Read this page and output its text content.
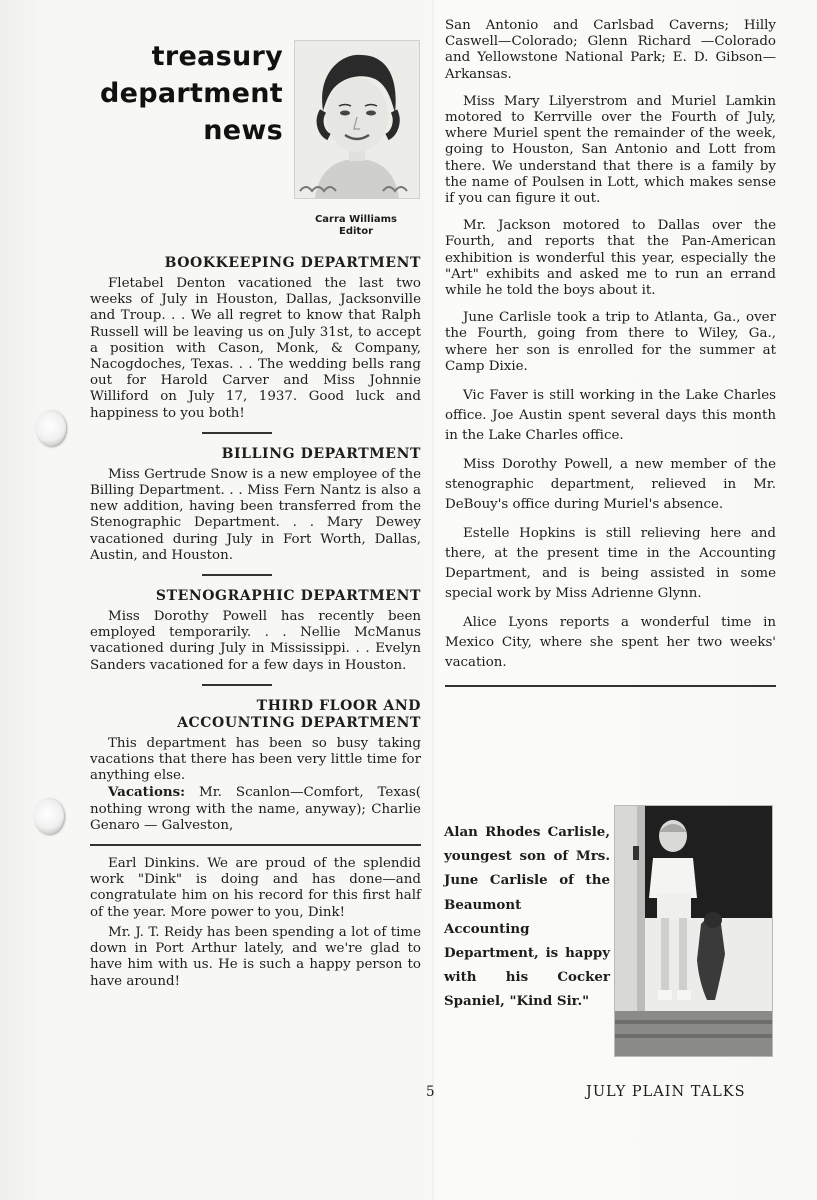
treasury
department
news
Carra Williams
Editor
BOOKKEEPING DEPARTMENT

Fletabel Denton vacationed the last two weeks of July in Houston, Dallas, Jacksonville and Troup. . . We all regret to know that Ralph Russell will be leaving us on July 31st, to accept a position with Cason, Monk, & Company, Nacogdoches, Texas. . . The wedding bells rang out for Harold Carver and Miss Johnnie Williford on July 17, 1937. Good luck and happiness to you both!

BILLING DEPARTMENT

Miss Gertrude Snow is a new employee of the Billing Department. . . Miss Fern Nantz is also a new addition, having been transferred from the Stenographic Department. . . Mary Dewey vacationed during July in Fort Worth, Dallas, Austin, and Houston.

STENOGRAPHIC DEPARTMENT

Miss Dorothy Powell has recently been employed temporarily. . . Nellie McManus vacationed during July in Mississippi. . . Evelyn Sanders vacationed for a few days in Houston.

THIRD FLOOR AND
ACCOUNTING DEPARTMENT

This department has been so busy taking vacations that there has been very little time for anything else.

Vacations: Mr. Scanlon—Comfort, Texas( nothing wrong with the name, anyway); Charlie Genaro — Galveston,

Earl Dinkins. We are proud of the splendid work "Dink" is doing and has done—and congratulate him on his record for this first half of the year. More power to you, Dink!

Mr. J. T. Reidy has been spending a lot of time down in Port Arthur lately, and we're glad to have him with us. He is such a happy person to have around!

San Antonio and Carlsbad Caverns; Hilly Caswell—Colorado; Glenn Richard —Colorado and Yellowstone National Park; E. D. Gibson—Arkansas.

Miss Mary Lilyerstrom and Muriel Lamkin motored to Kerrville over the Fourth of July, where Muriel spent the remainder of the week, going to Houston, San Antonio and Lott from there. We understand that there is a family by the name of Poulsen in Lott, which makes sense if you can figure it out.

Mr. Jackson motored to Dallas over the Fourth, and reports that the Pan-American exhibition is wonderful this year, especially the "Art" exhibits and asked me to run an errand while he told the boys about it.

June Carlisle took a trip to Atlanta, Ga., over the Fourth, going from there to Wiley, Ga., where her son is enrolled for the summer at Camp Dixie.

Vic Faver is still working in the Lake Charles office. Joe Austin spent several days this month in the Lake Charles office.

Miss Dorothy Powell, a new member of the stenographic department, relieved in Mr. DeBouy's office during Muriel's absence.

Estelle Hopkins is still relieving here and there, at the present time in the Accounting Department, and is being assisted in some special work by Miss Adrienne Glynn.

Alice Lyons reports a wonderful time in Mexico City, where she spent her two weeks' vacation.

Alan Rhodes Carlisle, youngest son of Mrs. June Carlisle of the Beaumont Accounting Department, is happy with his Cocker Spaniel, "Kind Sir."
5	JULY PLAIN TALKS
